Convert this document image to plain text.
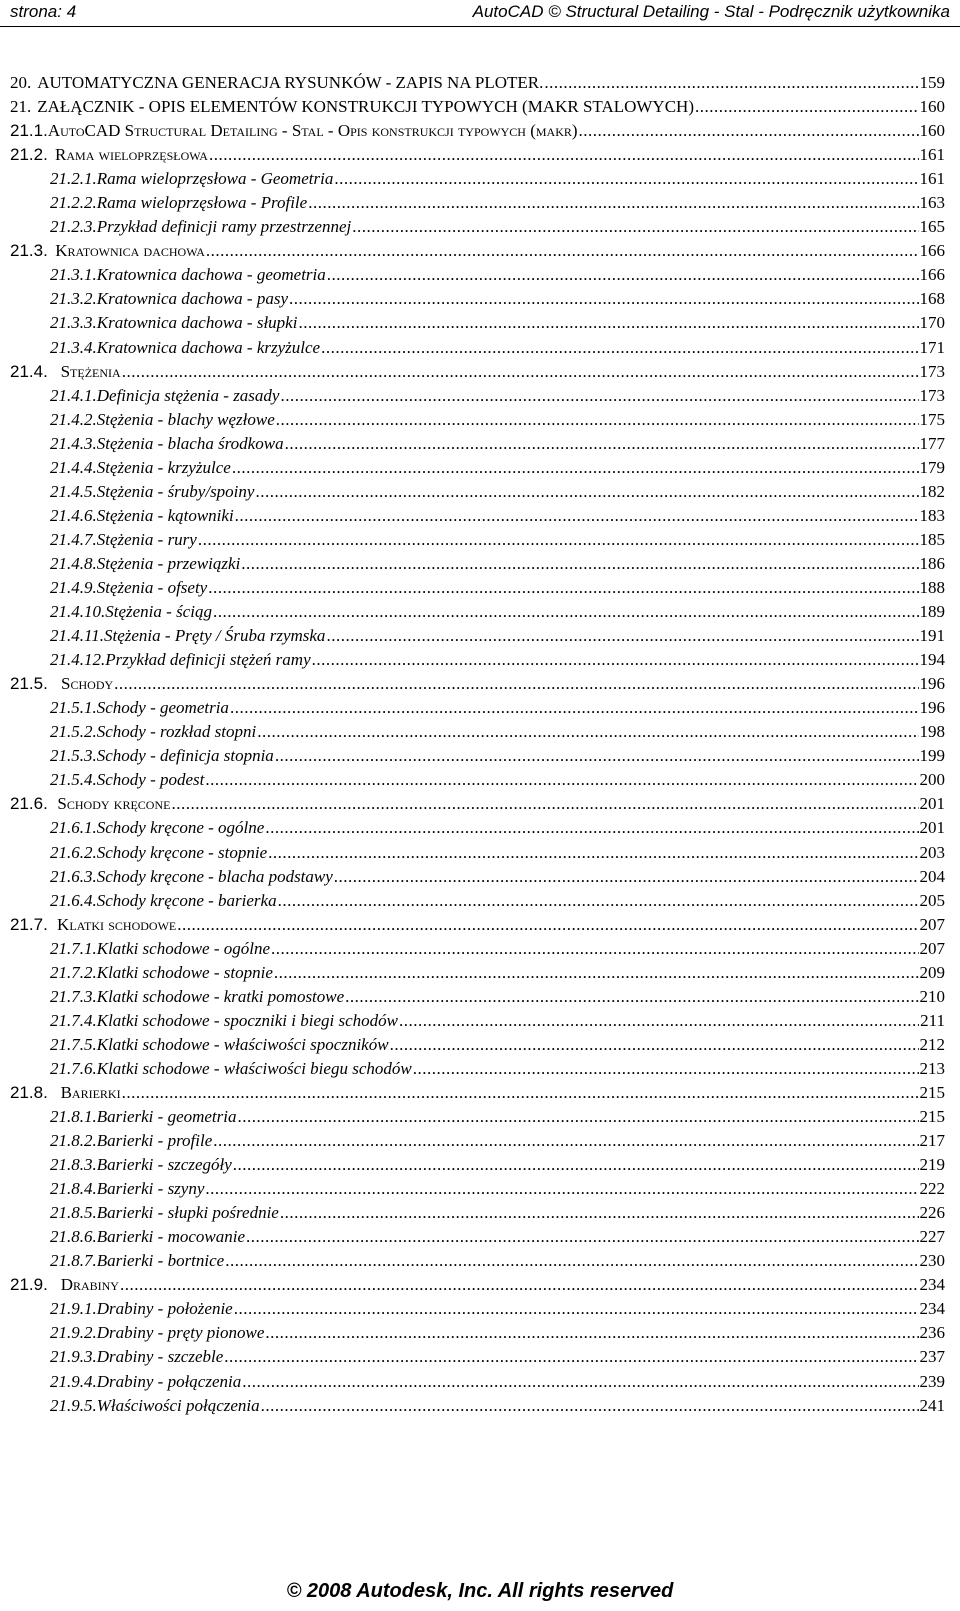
strona: 4	AutoCAD © Structural Detailing - Stal - Podręcznik użytkownika
20. AUTOMATYCZNA GENERACJA RYSUNKÓW - ZAPIS NA PLOTER. .....	159
21. ZAŁĄCZNIK - OPIS ELEMENTÓW KONSTRUKCJI TYPOWYCH (MAKR STALOWYCH) .....	160
21.1. AutoCAD Structural Detailing - Stal - Opis konstrukcji typowych (makr) .....	160
21.2. Rama wieloprzęsłowa .....	161
21.2.1. Rama wieloprzęsłowa - Geometria .....	161
21.2.2. Rama wieloprzęsłowa - Profile .....	163
21.2.3. Przykład definicji ramy przestrzennej .....	165
21.3. Kratownica dachowa .....	166
21.3.1. Kratownica dachowa - geometria .....	166
21.3.2. Kratownica dachowa - pasy .....	168
21.3.3. Kratownica dachowa - słupki .....	170
21.3.4. Kratownica dachowa - krzyżulce .....	171
21.4. Stężenia .....	173
21.4.1. Definicja stężenia - zasady .....	173
21.4.2. Stężenia - blachy węzłowe .....	175
21.4.3. Stężenia - blacha środkowa .....	177
21.4.4. Stężenia - krzyżulce .....	179
21.4.5. Stężenia - śruby/spoiny .....	182
21.4.6. Stężenia - kątowniki .....	183
21.4.7. Stężenia - rury .....	185
21.4.8. Stężenia - przewiązki .....	186
21.4.9. Stężenia - ofsety .....	188
21.4.10. Stężenia - ściąg .....	189
21.4.11. Stężenia - Pręty / Śruba rzymska .....	191
21.4.12. Przykład definicji stężeń ramy .....	194
21.5. Schody .....	196
21.5.1. Schody - geometria .....	196
21.5.2. Schody - rozkład stopni .....	198
21.5.3. Schody - definicja stopnia .....	199
21.5.4. Schody - podest .....	200
21.6. Schody kręcone .....	201
21.6.1. Schody kręcone - ogólne .....	201
21.6.2. Schody kręcone - stopnie .....	203
21.6.3. Schody kręcone - blacha podstawy .....	204
21.6.4. Schody kręcone - barierka .....	205
21.7. Klatki schodowe .....	207
21.7.1. Klatki schodowe - ogólne .....	207
21.7.2. Klatki schodowe - stopnie .....	209
21.7.3. Klatki schodowe - kratki pomostowe .....	210
21.7.4. Klatki schodowe - spoczniki i biegi schodów .....	211
21.7.5. Klatki schodowe - właściwości spoczników .....	212
21.7.6. Klatki schodowe - właściwości biegu schodów .....	213
21.8. Barierki .....	215
21.8.1. Barierki - geometria .....	215
21.8.2. Barierki - profile .....	217
21.8.3. Barierki - szczegóły .....	219
21.8.4. Barierki - szyny .....	222
21.8.5. Barierki - słupki pośrednie .....	226
21.8.6. Barierki - mocowanie .....	227
21.8.7. Barierki - bortnice .....	230
21.9. Drabiny .....	234
21.9.1. Drabiny - położenie .....	234
21.9.2. Drabiny - pręty pionowe .....	236
21.9.3. Drabiny - szczeble .....	237
21.9.4. Drabiny - połączenia .....	239
21.9.5. Właściwości połączenia .....	241
© 2008 Autodesk, Inc. All rights reserved
